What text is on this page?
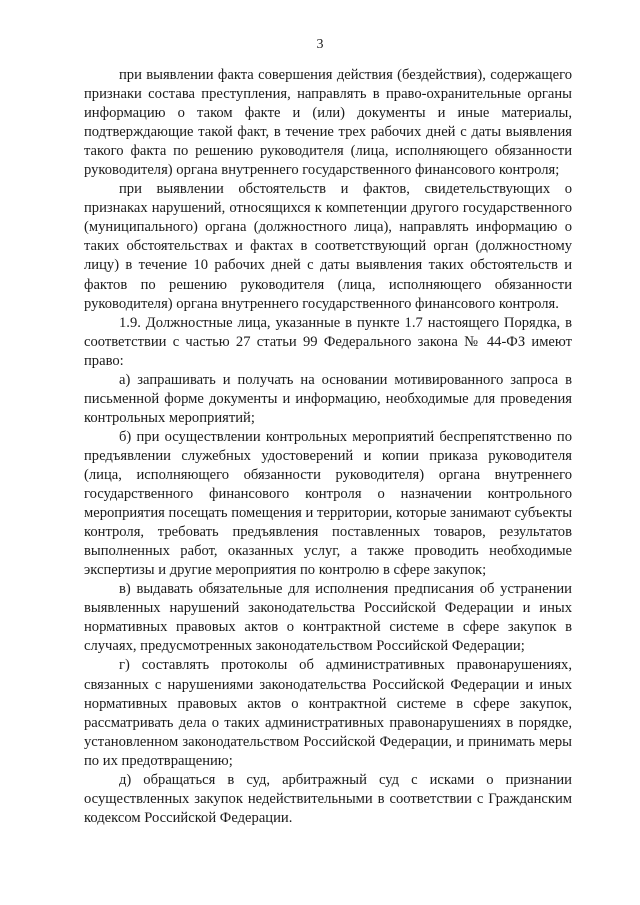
3

при выявлении факта совершения действия (бездействия), содержащего признаки состава преступления, направлять в право-охранительные органы информацию о таком факте и (или) документы и иные материалы, подтверждающие такой факт, в течение трех рабочих дней с даты выявления такого факта по решению руководителя (лица, исполняющего обязанности руководителя) органа внутреннего государственного финансового контроля;

при выявлении обстоятельств и фактов, свидетельствующих о признаках нарушений, относящихся к компетенции другого государственного (муниципального) органа (должностного лица), направлять информацию о таких обстоятельствах и фактах в соответствующий орган (должностному лицу) в течение 10 рабочих дней с даты выявления таких обстоятельств и фактов по решению руководителя (лица, исполняющего обязанности руководителя) органа внутреннего государственного финансового контроля.

1.9. Должностные лица, указанные в пункте 1.7 настоящего Порядка, в соответствии с частью 27 статьи 99 Федерального закона № 44-ФЗ имеют право:

а) запрашивать и получать на основании мотивированного запроса в письменной форме документы и информацию, необходимые для проведения контрольных мероприятий;

б) при осуществлении контрольных мероприятий беспрепятственно по предъявлении служебных удостоверений и копии приказа руководителя (лица, исполняющего обязанности руководителя) органа внутреннего государственного финансового контроля о назначении контрольного мероприятия посещать помещения и территории, которые занимают субъекты контроля, требовать предъявления поставленных товаров, результатов выполненных работ, оказанных услуг, а также проводить необходимые экспертизы и другие мероприятия по контролю в сфере закупок;

в) выдавать обязательные для исполнения предписания об устранении выявленных нарушений законодательства Российской Федерации и иных нормативных правовых актов о контрактной системе в сфере закупок в случаях, предусмотренных законодательством Российской Федерации;

г) составлять протоколы об административных правонарушениях, связанных с нарушениями законодательства Российской Федерации и иных нормативных правовых актов о контрактной системе в сфере закупок, рассматривать дела о таких административных правонарушениях в порядке, установленном законодательством Российской Федерации, и принимать меры по их предотвращению;

д) обращаться в суд, арбитражный суд с исками о признании осуществленных закупок недействительными в соответствии с Гражданским кодексом Российской Федерации.
